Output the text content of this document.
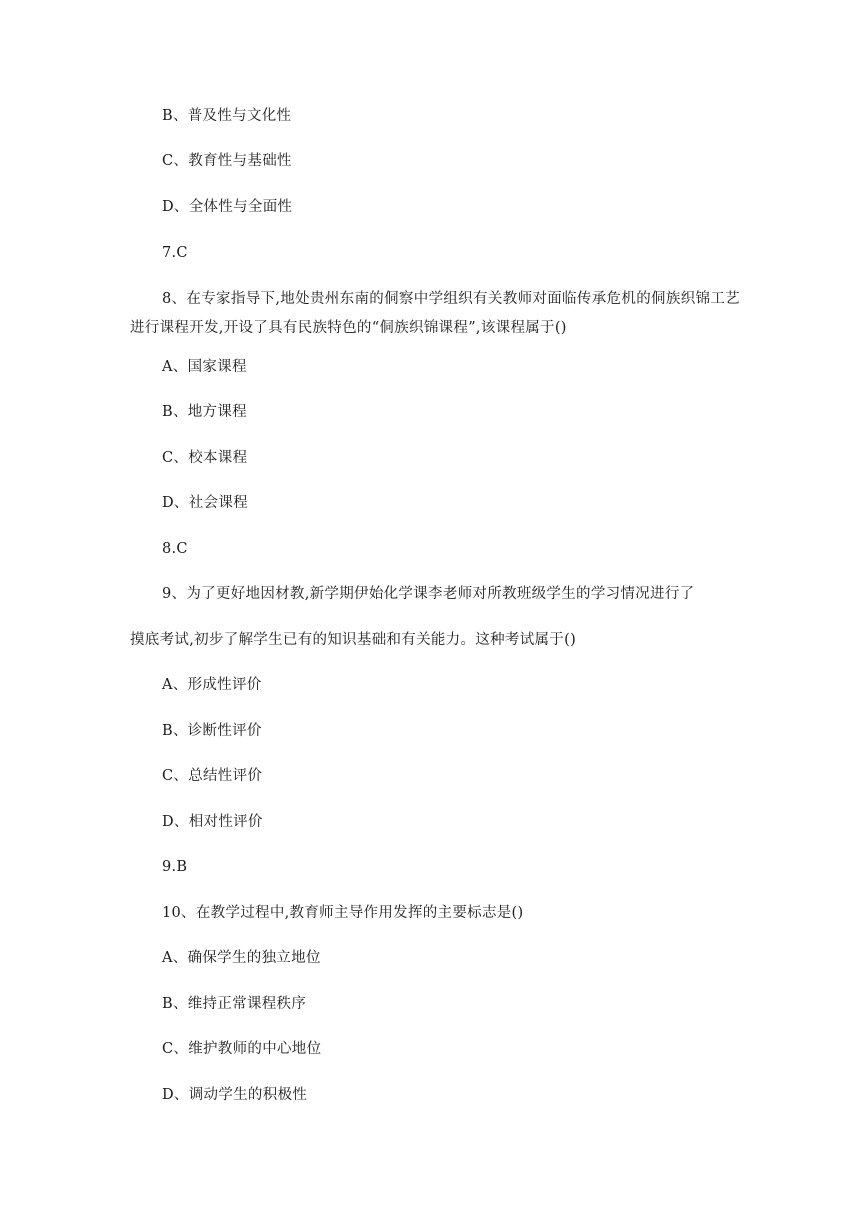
B、普及性与文化性
C、教育性与基础性
D、全体性与全面性
7.C
8、在专家指导下,地处贵州东南的侗察中学组织有关教师对面临传承危机的侗族织锦工艺进行课程开发,开设了具有民族特色的“侗族织锦课程”,该课程属于()
A、国家课程
B、地方课程
C、校本课程
D、社会课程
8.C
9、为了更好地因材教,新学期伊始化学课李老师对所教班级学生的学习情况进行了
摸底考试,初步了解学生已有的知识基础和有关能力。这种考试属于()
A、形成性评价
B、诊断性评价
C、总结性评价
D、相对性评价
9.B
10、在教学过程中,教育师主导作用发挥的主要标志是()
A、确保学生的独立地位
B、维持正常课程秩序
C、维护教师的中心地位
D、调动学生的积极性
